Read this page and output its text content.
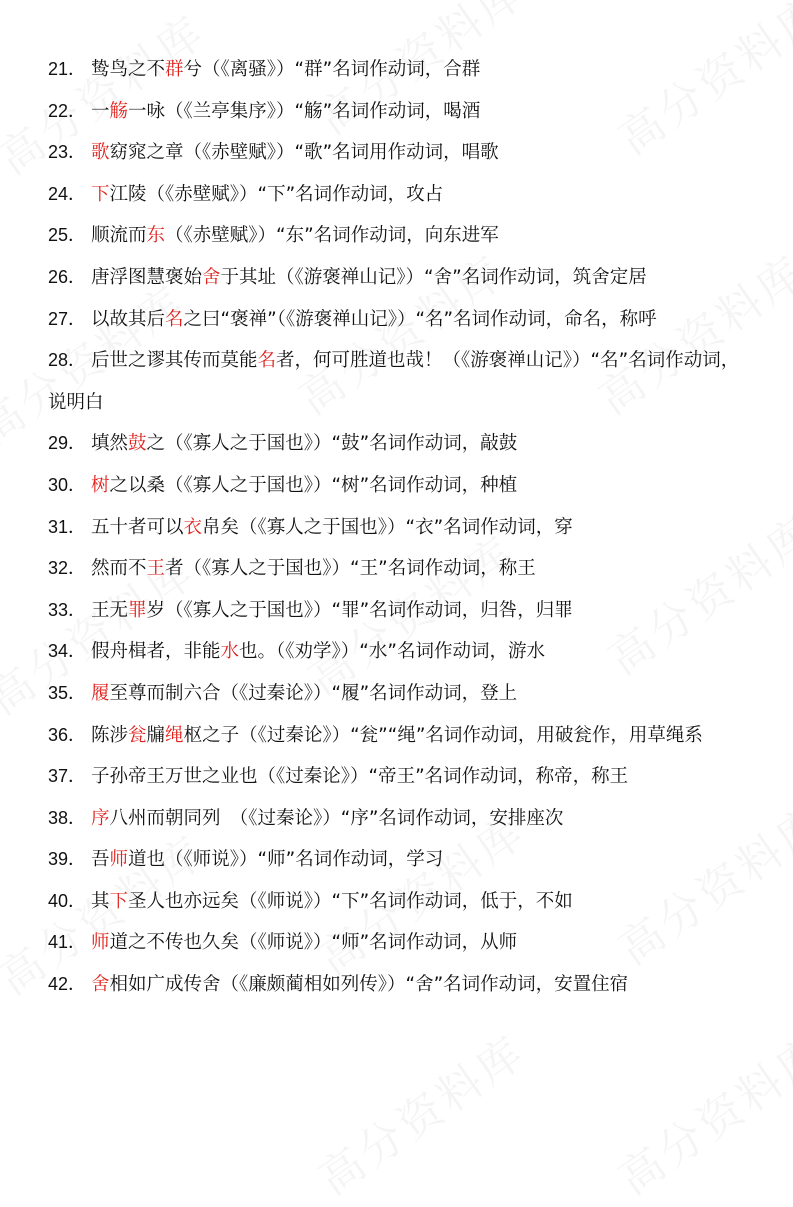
21． 鸷鸟之不群兮（《离骚》）“群”名词作动词，合群

22． 一觞一咏（《兰亭集序》）“觞”名词作动词，喝酒

23． 歌窈窕之章（《赤壁赋》）“歌”名词用作动词，唱歌

24． 下江陵（《赤壁赋》）“下”名词作动词，攻占

25． 顺流而东（《赤壁赋》）“东”名词作动词，向东进军

26． 唐浮图慧褒始舍于其址（《游褒禅山记》）“舍”名词作动词，筑舍定居

27． 以故其后名之曰“褒禅”（《游褒禅山记》）“名”名词作动词，命名，称呼

28． 后世之谬其传而莫能名者，何可胜道也哉！（《游褒禅山记》）“名”名词作动词，说明白

29． 填然鼓之（《寡人之于国也》）“鼓”名词作动词，敲鼓

30． 树之以桑（《寡人之于国也》）“树”名词作动词，种植

31． 五十者可以衣帛矣（《寡人之于国也》）“衣”名词作动词，穿

32． 然而不王者（《寡人之于国也》）“王”名词作动词，称王

33． 王无罪岁（《寡人之于国也》）“罪”名词作动词，归咎，归罪

34． 假舟楫者，非能水也。（《劝学》）“水”名词作动词，游水

35． 履至尊而制六合（《过秦论》）“履”名词作动词，登上

36． 陈涉瓮牖绳枢之子（《过秦论》）“瓮”“绳”名词作动词，用破瓮作，用草绳系

37． 子孙帝王万世之业也（《过秦论》）“帝王”名词作动词，称帝，称王

38． 序八州而朝同列　（《过秦论》）“序”名词作动词，安排座次

39． 吾师道也（《师说》）“师”名词作动词，学习

40． 其下圣人也亦远矣（《师说》）“下”名词作动词，低于，不如

41． 师道之不传也久矣（《师说》）“师”名词作动词，从师

42． 舍相如广成传舍（《廉颇蔺相如列传》）“舍”名词作动词，安置住宿
